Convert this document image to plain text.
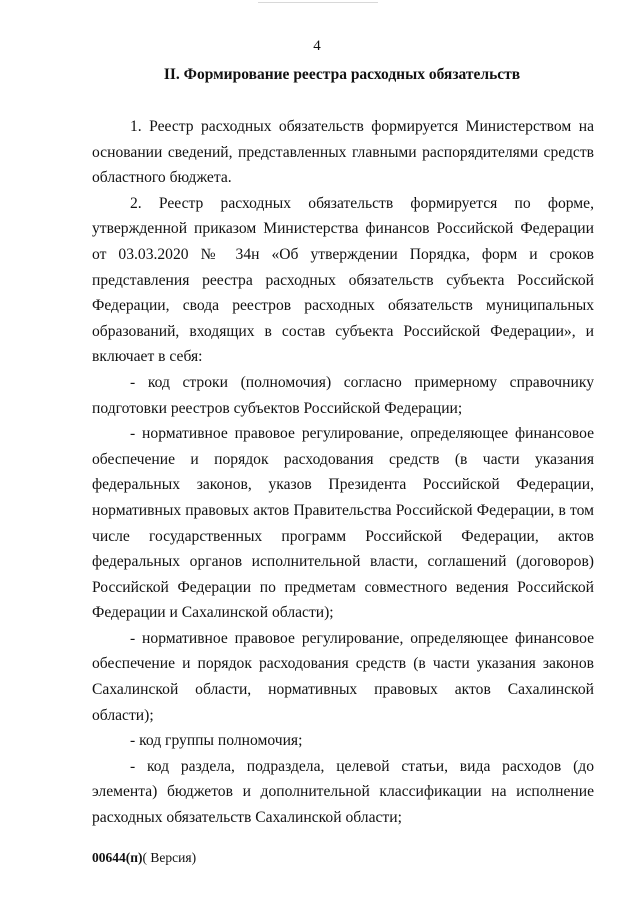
4
II. Формирование реестра расходных обязательств

1. Реестр расходных обязательств формируется Министерством на основании сведений, представленных главными распорядителями средств областного бюджета.

2. Реестр расходных обязательств формируется по форме, утвержденной приказом Министерства финансов Российской Федерации от 03.03.2020 № 34н «Об утверждении Порядка, форм и сроков представления реестра расходных обязательств субъекта Российской Федерации, свода реестров расходных обязательств муниципальных образований, входящих в состав субъекта Российской Федерации», и включает в себя:

- код строки (полномочия) согласно примерному справочнику подготовки реестров субъектов Российской Федерации;

- нормативное правовое регулирование, определяющее финансовое обеспечение и порядок расходования средств (в части указания федеральных законов, указов Президента Российской Федерации, нормативных правовых актов Правительства Российской Федерации, в том числе государственных программ Российской Федерации, актов федеральных органов исполнительной власти, соглашений (договоров) Российской Федерации по предметам совместного ведения Российской Федерации и Сахалинской области);

- нормативное правовое регулирование, определяющее финансовое обеспечение и порядок расходования средств (в части указания законов Сахалинской области, нормативных правовых актов Сахалинской области);

- код группы полномочия;

- код раздела, подраздела, целевой статьи, вида расходов (до элемента) бюджетов и дополнительной классификации на исполнение расходных обязательств Сахалинской области;

00644(п)( Версия)
